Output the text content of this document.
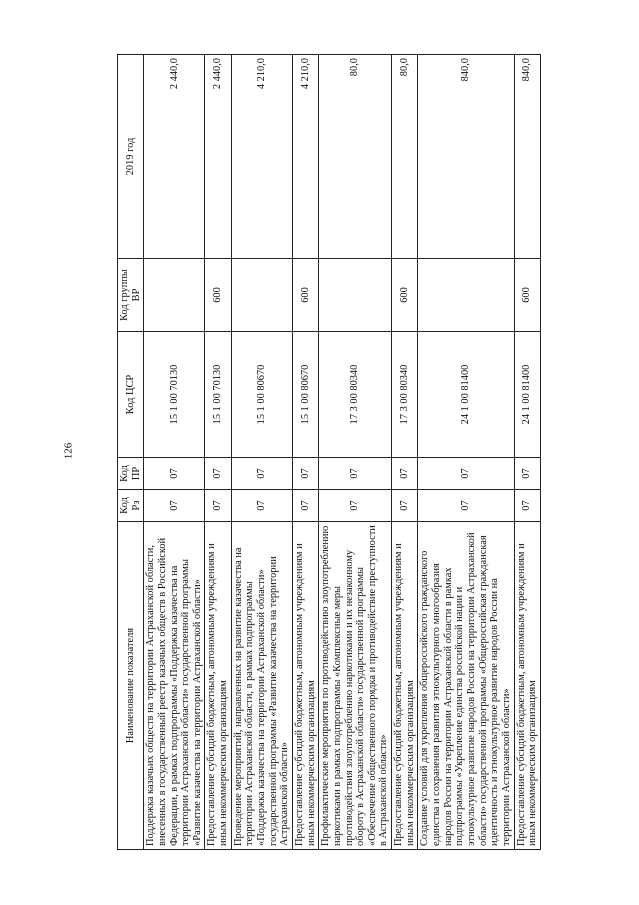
126
Наименование показателя	Код Рз	Код ПР	Код ЦСР	Код группы ВР	2019 год
Поддержка казачьих обществ на территории Астраханской области, внесенных в государственный реестр казачьих обществ в Российской Федерации, в рамках подпрограммы «Поддержка казачества на территории Астраханской области» государственной программы «Развитие казачества на территории Астраханской области»	07	07	15 1 00 70130		2 440,0
Предоставление субсидий бюджетным, автономным учреждениям и иным некоммерческим организациям	07	07	15 1 00 70130	600	2 440,0
Проведение мероприятий, направленных на развитие казачества на территории Астраханской области, в рамках подпрограммы «Поддержка казачества на территории Астраханской области» государственной программы «Развитие казачества на территории Астраханской области»	07	07	15 1 00 80670		4 210,0
Предоставление субсидий бюджетным, автономным учреждениям и иным некоммерческим организациям	07	07	15 1 00 80670	600	4 210,0
Профилактические мероприятия по противодействию злоупотреблению наркотиками в рамках подпрограммы «Комплексные меры противодействия злоупотреблению наркотиками и их незаконному обороту в Астраханской области» государственной программы «Обеспечение общественного порядка и противодействие преступности в Астраханской области»	07	07	17 3 00 80340		80,0
Предоставление субсидий бюджетным, автономным учреждениям и иным некоммерческим организациям	07	07	17 3 00 80340	600	80,0
Создание условий для укрепления общероссийского гражданского единства и сохранения развития этнокультурного многообразия народов России на территории Астраханской области в рамках подпрограммы «Укрепление единства российской нации и этнокультурное развитие народов России на территории Астраханской области» государственной программы «Общероссийская гражданская идентичность и этнокультурное развитие народов России на территории Астраханской области»	07	07	24 1 00 81400		840,0
Предоставление субсидий бюджетным, автономным учреждениям и иным некоммерческим организациям	07	07	24 1 00 81400	600	840,0
